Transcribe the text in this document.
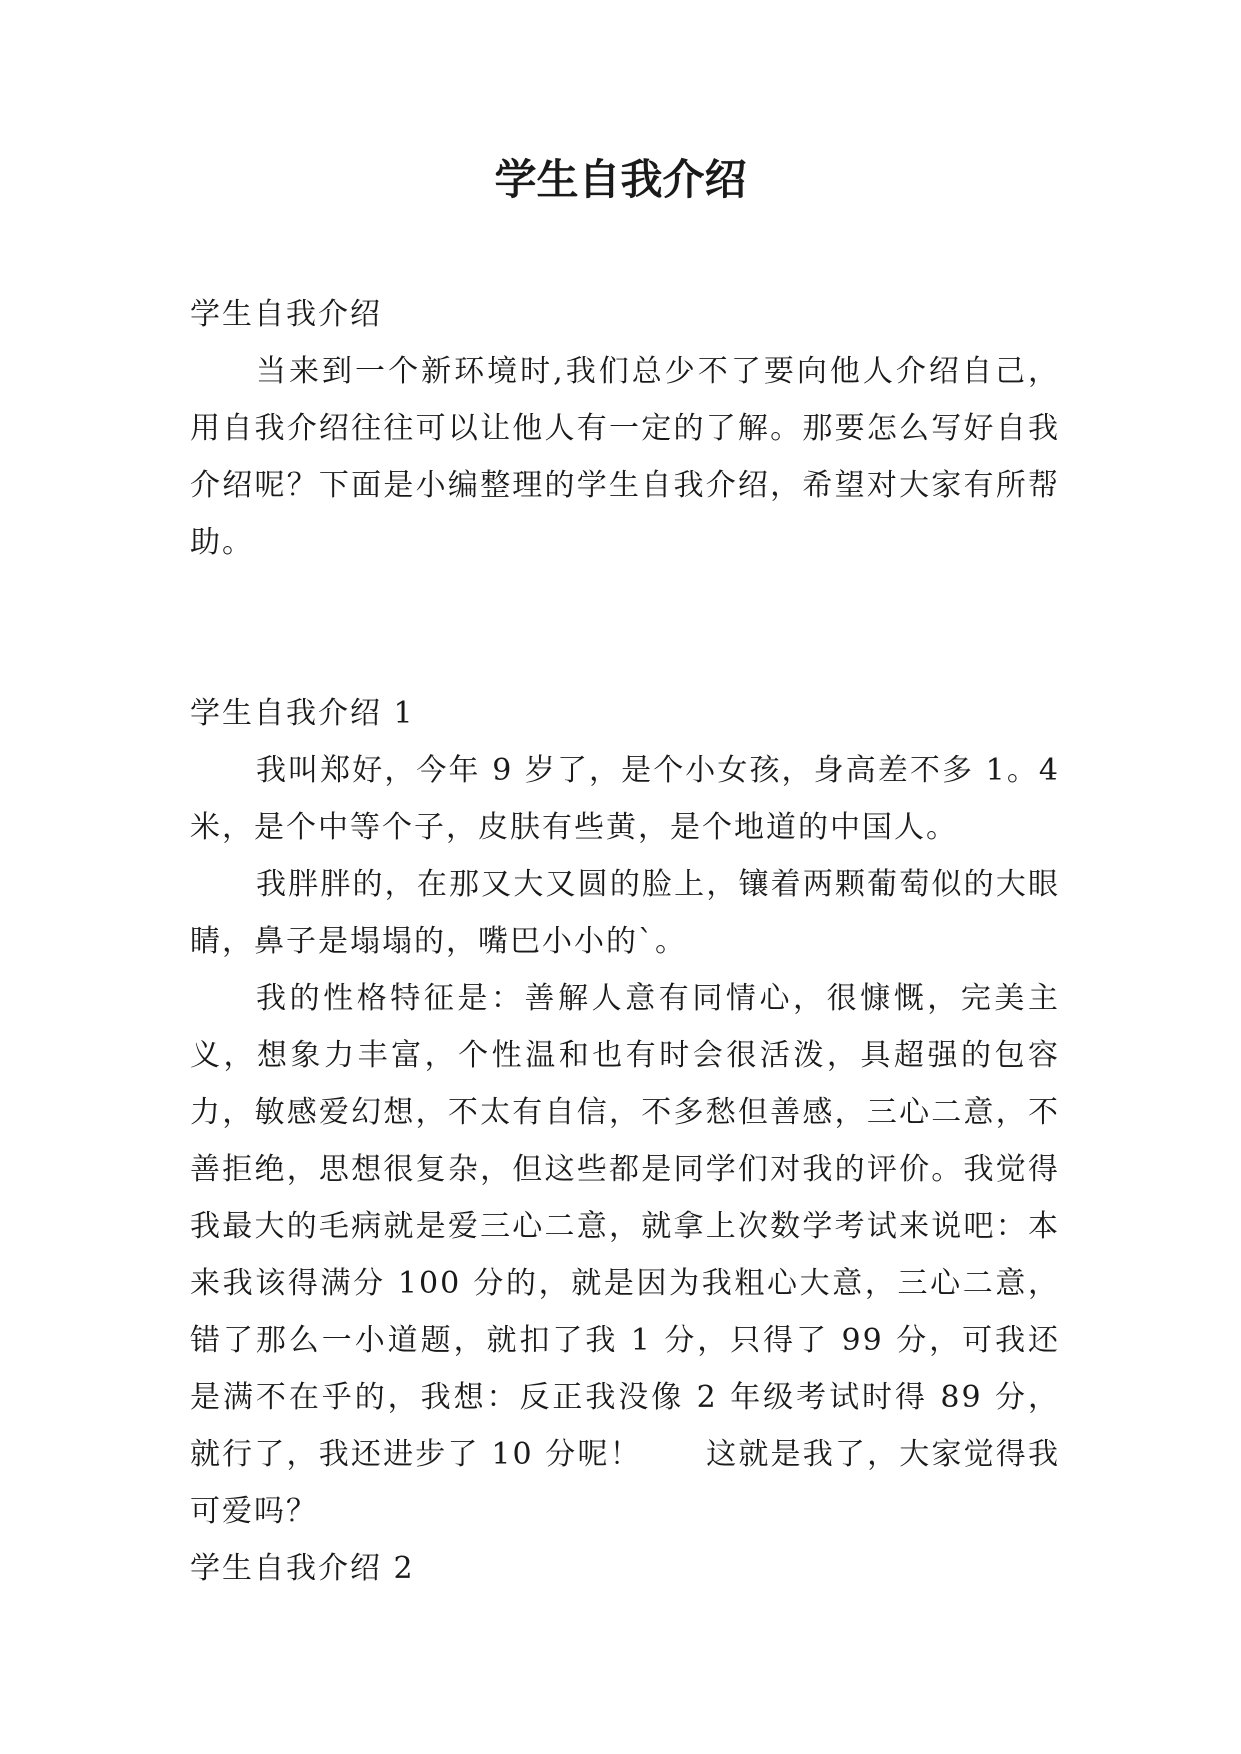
学生自我介绍

学生自我介绍

当来到一个新环境时,我们总少不了要向他人介绍自己，用自我介绍往往可以让他人有一定的了解。那要怎么写好自我介绍呢？下面是小编整理的学生自我介绍，希望对大家有所帮助。

学生自我介绍 1

我叫郑好，今年 9 岁了，是个小女孩，身高差不多 1。4 米，是个中等个子，皮肤有些黄，是个地道的中国人。

我胖胖的，在那又大又圆的脸上，镶着两颗葡萄似的大眼睛，鼻子是塌塌的，嘴巴小小的`。

我的性格特征是：善解人意有同情心，很慷慨，完美主义，想象力丰富，个性温和也有时会很活泼，具超强的包容力，敏感爱幻想，不太有自信，不多愁但善感，三心二意，不善拒绝，思想很复杂，但这些都是同学们对我的评价。我觉得我最大的毛病就是爱三心二意，就拿上次数学考试来说吧：本来我该得满分 100 分的，就是因为我粗心大意，三心二意，错了那么一小道题，就扣了我 1 分，只得了 99 分，可我还是满不在乎的，我想：反正我没像 2 年级考试时得 89 分，就行了，我还进步了 10 分呢！　　这就是我了，大家觉得我可爱吗？

学生自我介绍 2
